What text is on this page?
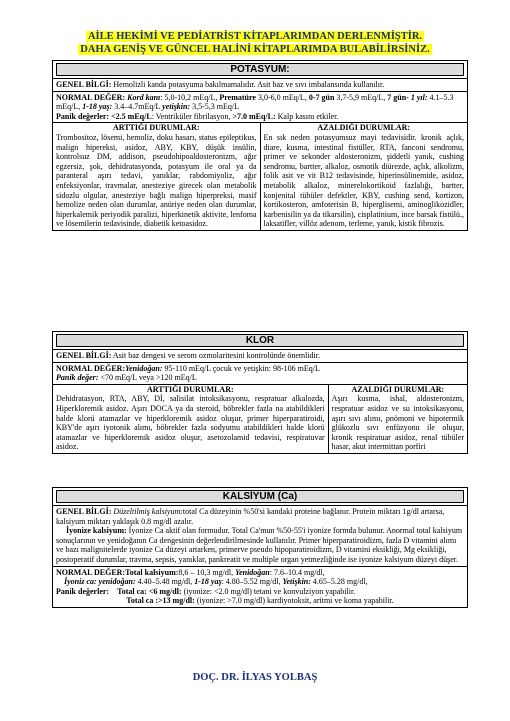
AİLE HEKİMİ VE PEDİATRİST KİTAPLARIMDAN DERLENMİŞTİR.
DAHA GENİŞ VE GÜNCEL HALİNİ KİTAPLARIMDA BULABİLİRSİNİZ.
POTASYUM:
GENEL BİLGİ: Hemolizli kanda potasyuma bakılmamalıdır. Asit baz ve sıvı imbalansında kullanılır.
NORMAL DEĞER: Kord kanı: 5,0-10,2 mEq/L, Prematüre 3,0-6,0 mEq/L, 0-7 gün 3,7-5,9 mEq/L, 7 gün- 1 yıl: 4.1–5.3 mEq/L, 1-18 yaş: 3.4–4.7mEq/L yetişkin: 3,5-5,3 mEq/L
Panik değerler: <2.5 mEq/L: Ventriküler fibrilasyon, >7.0 mEq/L: Kalp kasını etkiler.
ARTTIĞI DURUMLAR:
Trombositoz, lösemi, hemoliz, doku hasarı, status epileptikus, malign hipereksi, asidoz, ABY, KBY, düşük insülin, kontrolsuz DM, addison, pseudohipoaldosteronizm, ağır egzersiz, şok, dehidratasyonda, potasyum ile oral ya da paranteral aşırı tedavi, yanıklar, rabdomiyoliz, ağır enfeksiyonlar, travmalar, anesteziye girecek olan metabolik sidozlu olgular, anesteziye bağlı malign hiperpreksi, masif hemolize neden olan durumlar, anüriye neden olan durumlar, hiperkalemik periyodik paralizi, hiperkinetik aktivite, lenfoma ve lösemilerin tedavisinde, diabetik ketoasidoz.
AZALDIĞI DURUMLAR:
En sık neden potasyumsuz mayi tedavisidir. kronik açlık, diare, kusma, intestinal fistüller, RTA, fanconi sendromu, primer ve sekonder aldosteronizm, şiddetli yanık, cushing sendromu, bartter, alkaloz, osmotik diürezde, açlık, alkolizm, folik asit ve vit B12 tedavisinde, hiperinsülinemide, asidoz, metabolik alkaloz, minerelokortikoid fazlalığı, bartter, konjenital tübüler defektler, KBY, cushing send, kortizon, kortikosteron, amfoterisin B, hiperglisemi, aminoglikozidler, karbenisilin ya da tikarsilin), cisplatinium, ince barsak fistülü., laksatifler, villöz adenom, terleme, yanık, kistik fibrozis.
KLOR
GENEL BİLGİ: Asit baz dengesi ve serom ozmolaritesini kontrolünde önemlidir.
NORMAL DEĞER:Yenidoğan: 95-110 mEq/L çocuk ve yetişkin: 98-106 mEq/L
Panik değer: <70 mEq/L veya >120 mEq/L
ARTTIĞI DURUMLAR:
Dehidratasyon, RTA, ABY, Dİ, salisilat intoksikasyonu, respratuar alkalozda, Hiperkloremik asidoz. Aşırı DOCA ya da steroid, böbrekler fazla na atabildikleri halde klorü atamazlar ve hiperkloremik asidoz oluşur, primer hiperparatiroidi, KBY'de aşırı iyotonik alımı, böbrekler fazla sodyumu atabildikleri halde klorü atamazlar ve hiperkloremik asidoz oluşur, asetozolamid tedavisi, respiratuvar asidoz.
AZALDIĞI DURUMLAR:
Aşırı kusma, ishal, aldosteronizm, respratuar asidoz ve su intoksikasyonu, aşırı sıvı alımı, pnömoni ve hipotermik glükozlu sıvı enfüzyonu ile oluşur, kronik respiratuar asidoz, renal tübüler hasar, akut intermittan porfiri
KALSİYUM (Ca)
GENEL BİLGİ: Düzeltilmiş kalsiyum:total Ca düzeyinin %50'si kandaki proteine bağlanır. Protein miktarı 1g/dl artarsa, kalsiyum miktarı yaklaşık 0.8 mg/dl azalır.
İyonize kalsiyum: İyonize Ca aktif olan formudur. Total Ca'mun %50-55'i iyonize formda bulunur. Anormal total kalsiyum sonuçlarının ve yenidoğanın Ca dengesinin değerlendirilmesinde kullanılır. Primer hiperparatiroidizm, fazla D vitamini alımı ve bazı malignitelerde iyonize Ca düzeyi artarken, primerve pseudo hipoparatiroidizm, D vitamini eksikliği, Mg eksikliği, postoperatif durumlar, travma, sepsis, yanıklar, pankreatit ve multiple organ yetmezliğinde ise iyonize kalsiyum düzeyi düşer.
NORMAL DEĞER:Total kalsiyum:8,6 – 10,3 mg/dl, Yenidoğan: 7.6–10.4 mg/dl,
İyoniz ca: yenidoğan: 4.40–5.48 mg/dl, 1-18 yaş: 4.80–5.52 mg/dl, Yetişkin: 4.65–5.28 mg/dl,
Panik değerler: Total ca: <6 mg/dl: (iyonize: <2.0 mg/dl) tetani ve konvulziyon yapabilir.
Total ca :>13 mg/dl: (iyonize: >7.0 mg/dl) kardiyotoksit, aritmi ve koma yapabilir.
DOÇ. DR. İLYAS YOLBAŞ
